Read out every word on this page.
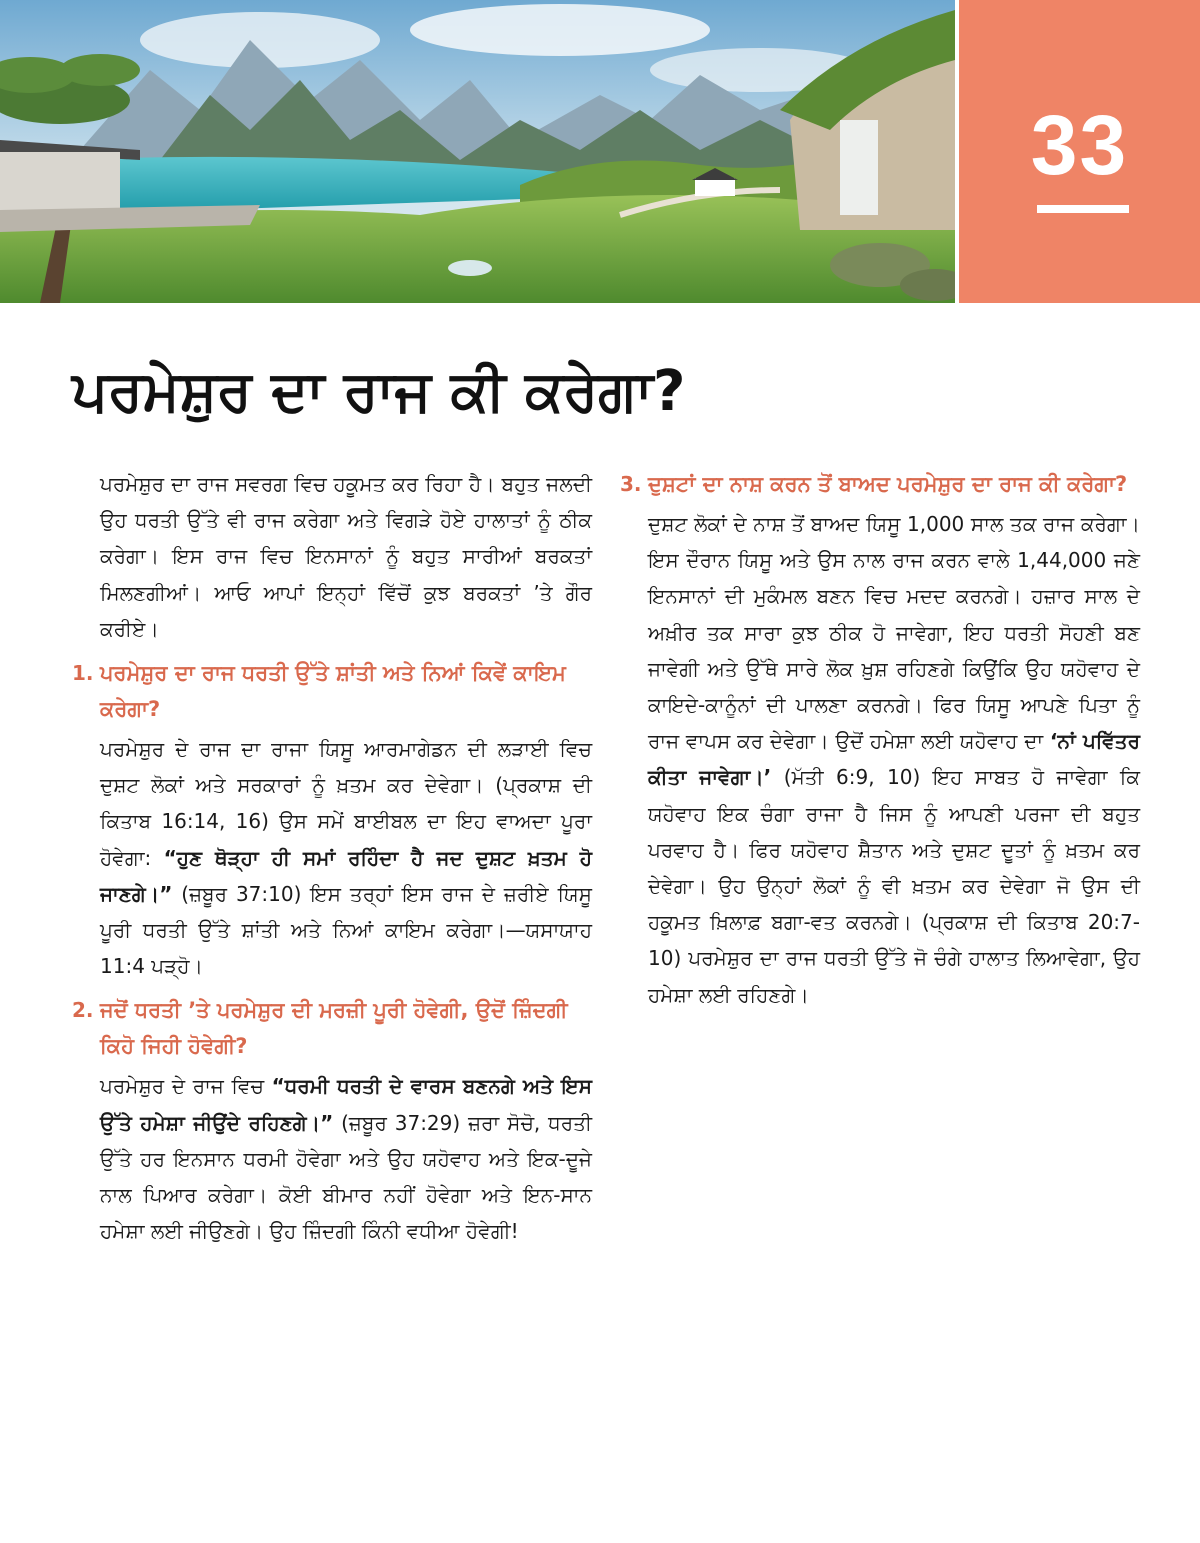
33
ਪਰਮੇਸ਼ੁਰ ਦਾ ਰਾਜ ਕੀ ਕਰੇਗਾ?

ਪਰਮੇਸ਼ੁਰ ਦਾ ਰਾਜ ਸਵਰਗ ਵਿਚ ਹਕੂਮਤ ਕਰ ਰਿਹਾ ਹੈ। ਬਹੁਤ ਜਲਦੀ ਉਹ ਧਰਤੀ ਉੱਤੇ ਵੀ ਰਾਜ ਕਰੇਗਾ ਅਤੇ ਵਿਗੜੇ ਹੋਏ ਹਾਲਾਤਾਂ ਨੂੰ ਠੀਕ ਕਰੇਗਾ। ਇਸ ਰਾਜ ਵਿਚ ਇਨਸਾਨਾਂ ਨੂੰ ਬਹੁਤ ਸਾਰੀਆਂ ਬਰਕਤਾਂ ਮਿਲਣਗੀਆਂ। ਆਓ ਆਪਾਂ ਇਨ੍ਹਾਂ ਵਿੱਚੋਂ ਕੁਝ ਬਰਕਤਾਂ ’ਤੇ ਗੌਰ ਕਰੀਏ।

1. ਪਰਮੇਸ਼ੁਰ ਦਾ ਰਾਜ ਧਰਤੀ ਉੱਤੇ ਸ਼ਾਂਤੀ ਅਤੇ ਨਿਆਂ ਕਿਵੇਂ ਕਾਇਮ ਕਰੇਗਾ?

ਪਰਮੇਸ਼ੁਰ ਦੇ ਰਾਜ ਦਾ ਰਾਜਾ ਯਿਸੂ ਆਰਮਾਗੇਡਨ ਦੀ ਲੜਾਈ ਵਿਚ ਦੁਸ਼ਟ ਲੋਕਾਂ ਅਤੇ ਸਰਕਾਰਾਂ ਨੂੰ ਖ਼ਤਮ ਕਰ ਦੇਵੇਗਾ। (ਪ੍ਰਕਾਸ਼ ਦੀ ਕਿਤਾਬ 16:14, 16) ਉਸ ਸਮੇਂ ਬਾਈਬਲ ਦਾ ਇਹ ਵਾਅਦਾ ਪੂਰਾ ਹੋਵੇਗਾ: “ਹੁਣ ਥੋੜ੍ਹਾ ਹੀ ਸਮਾਂ ਰਹਿੰਦਾ ਹੈ ਜਦ ਦੁਸ਼ਟ ਖ਼ਤਮ ਹੋ ਜਾਣਗੇ।” (ਜ਼ਬੂਰ 37:10) ਇਸ ਤਰ੍ਹਾਂ ਇਸ ਰਾਜ ਦੇ ਜ਼ਰੀਏ ਯਿਸੂ ਪੂਰੀ ਧਰਤੀ ਉੱਤੇ ਸ਼ਾਂਤੀ ਅਤੇ ਨਿਆਂ ਕਾਇਮ ਕਰੇਗਾ।—ਯਸਾਯਾਹ 11:4 ਪੜ੍ਹੋ।

2. ਜਦੋਂ ਧਰਤੀ ’ਤੇ ਪਰਮੇਸ਼ੁਰ ਦੀ ਮਰਜ਼ੀ ਪੂਰੀ ਹੋਵੇਗੀ, ਉਦੋਂ ਜ਼ਿੰਦਗੀ ਕਿਹੋ ਜਿਹੀ ਹੋਵੇਗੀ?

ਪਰਮੇਸ਼ੁਰ ਦੇ ਰਾਜ ਵਿਚ “ਧਰਮੀ ਧਰਤੀ ਦੇ ਵਾਰਸ ਬਣਨਗੇ ਅਤੇ ਇਸ ਉੱਤੇ ਹਮੇਸ਼ਾ ਜੀਉਂਦੇ ਰਹਿਣਗੇ।” (ਜ਼ਬੂਰ 37:29) ਜ਼ਰਾ ਸੋਚੋ, ਧਰਤੀ ਉੱਤੇ ਹਰ ਇਨਸਾਨ ਧਰਮੀ ਹੋਵੇਗਾ ਅਤੇ ਉਹ ਯਹੋਵਾਹ ਅਤੇ ਇਕ-ਦੂਜੇ ਨਾਲ ਪਿਆਰ ਕਰੇਗਾ। ਕੋਈ ਬੀਮਾਰ ਨਹੀਂ ਹੋਵੇਗਾ ਅਤੇ ਇਨ-ਸਾਨ ਹਮੇਸ਼ਾ ਲਈ ਜੀਉਣਗੇ। ਉਹ ਜ਼ਿੰਦਗੀ ਕਿੰਨੀ ਵਧੀਆ ਹੋਵੇਗੀ!

3. ਦੁਸ਼ਟਾਂ ਦਾ ਨਾਸ਼ ਕਰਨ ਤੋਂ ਬਾਅਦ ਪਰਮੇਸ਼ੁਰ ਦਾ ਰਾਜ ਕੀ ਕਰੇਗਾ?

ਦੁਸ਼ਟ ਲੋਕਾਂ ਦੇ ਨਾਸ਼ ਤੋਂ ਬਾਅਦ ਯਿਸੂ 1,000 ਸਾਲ ਤਕ ਰਾਜ ਕਰੇਗਾ। ਇਸ ਦੌਰਾਨ ਯਿਸੂ ਅਤੇ ਉਸ ਨਾਲ ਰਾਜ ਕਰਨ ਵਾਲੇ 1,44,000 ਜਣੇ ਇਨਸਾਨਾਂ ਦੀ ਮੁਕੰਮਲ ਬਣਨ ਵਿਚ ਮਦਦ ਕਰਨਗੇ। ਹਜ਼ਾਰ ਸਾਲ ਦੇ ਅਖ਼ੀਰ ਤਕ ਸਾਰਾ ਕੁਝ ਠੀਕ ਹੋ ਜਾਵੇਗਾ, ਇਹ ਧਰਤੀ ਸੋਹਣੀ ਬਣ ਜਾਵੇਗੀ ਅਤੇ ਉੱਥੇ ਸਾਰੇ ਲੋਕ ਖ਼ੁਸ਼ ਰਹਿਣਗੇ ਕਿਉਂਕਿ ਉਹ ਯਹੋਵਾਹ ਦੇ ਕਾਇਦੇ-ਕਾਨੂੰਨਾਂ ਦੀ ਪਾਲਣਾ ਕਰਨਗੇ। ਫਿਰ ਯਿਸੂ ਆਪਣੇ ਪਿਤਾ ਨੂੰ ਰਾਜ ਵਾਪਸ ਕਰ ਦੇਵੇਗਾ। ਉਦੋਂ ਹਮੇਸ਼ਾ ਲਈ ਯਹੋਵਾਹ ਦਾ ‘ਨਾਂ ਪਵਿੱਤਰ ਕੀਤਾ ਜਾਵੇਗਾ।’ (ਮੱਤੀ 6:9, 10) ਇਹ ਸਾਬਤ ਹੋ ਜਾਵੇਗਾ ਕਿ ਯਹੋਵਾਹ ਇਕ ਚੰਗਾ ਰਾਜਾ ਹੈ ਜਿਸ ਨੂੰ ਆਪਣੀ ਪਰਜਾ ਦੀ ਬਹੁਤ ਪਰਵਾਹ ਹੈ। ਫਿਰ ਯਹੋਵਾਹ ਸ਼ੈਤਾਨ ਅਤੇ ਦੁਸ਼ਟ ਦੂਤਾਂ ਨੂੰ ਖ਼ਤਮ ਕਰ ਦੇਵੇਗਾ। ਉਹ ਉਨ੍ਹਾਂ ਲੋਕਾਂ ਨੂੰ ਵੀ ਖ਼ਤਮ ਕਰ ਦੇਵੇਗਾ ਜੋ ਉਸ ਦੀ ਹਕੂਮਤ ਖ਼ਿਲਾਫ਼ ਬਗਾ-ਵਤ ਕਰਨਗੇ। (ਪ੍ਰਕਾਸ਼ ਦੀ ਕਿਤਾਬ 20:7-10) ਪਰਮੇਸ਼ੁਰ ਦਾ ਰਾਜ ਧਰਤੀ ਉੱਤੇ ਜੋ ਚੰਗੇ ਹਾਲਾਤ ਲਿਆਵੇਗਾ, ਉਹ ਹਮੇਸ਼ਾ ਲਈ ਰਹਿਣਗੇ।
